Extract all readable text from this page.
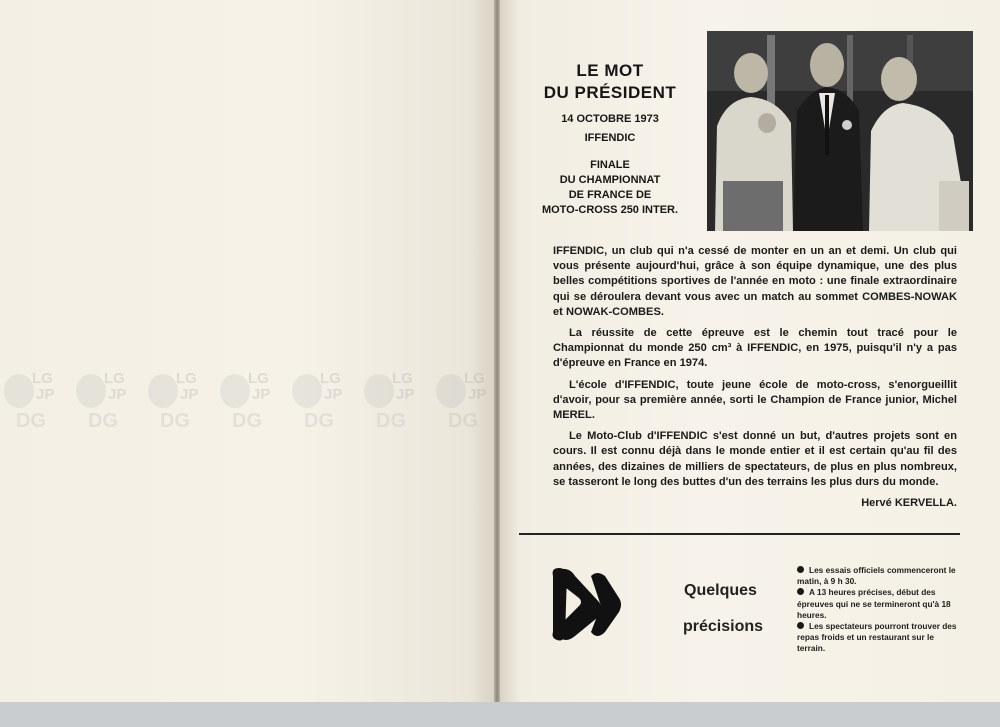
LG
JP
DG
LG
JP
DG
LG
JP
DG
LG
JP
DG
LG
JP
DG
LG
JP
DG
LG
JP
DG
LE MOT
DU PRÉSIDENT
14 OCTOBRE 1973
IFFENDIC
FINALE
DU CHAMPIONNAT
DE FRANCE DE
MOTO-CROSS 250 INTER.

IFFENDIC, un club qui n'a cessé de monter en un an et demi. Un club qui vous présente aujourd'hui, grâce à son équipe dynamique, une des plus belles compétitions sportives de l'année en moto : une finale extraordinaire qui se déroulera devant vous avec un match au sommet COMBES-NOWAK et NOWAK-COMBES.

La réussite de cette épreuve est le chemin tout tracé pour le Championnat du monde 250 cm³ à IFFENDIC, en 1975, puisqu'il n'y a pas d'épreuve en France en 1974.

L'école d'IFFENDIC, toute jeune école de moto-cross, s'enorgueillit d'avoir, pour sa première année, sorti le Champion de France junior, Michel MEREL.

Le Moto-Club d'IFFENDIC s'est donné un but, d'autres projets sont en cours. Il est connu déjà dans le monde entier et il est certain qu'au fil des années, des dizaines de milliers de spectateurs, de plus en plus nombreux, se tasseront le long des buttes d'un des terrains les plus durs du monde.

Hervé KERVELLA.
Quelques
précisions
Les essais officiels commenceront le matin, à 9 h 30.
A 13 heures précises, début des épreuves qui ne se termineront qu'à 18 heures.
Les spectateurs pourront trouver des repas froids et un restaurant sur le terrain.
